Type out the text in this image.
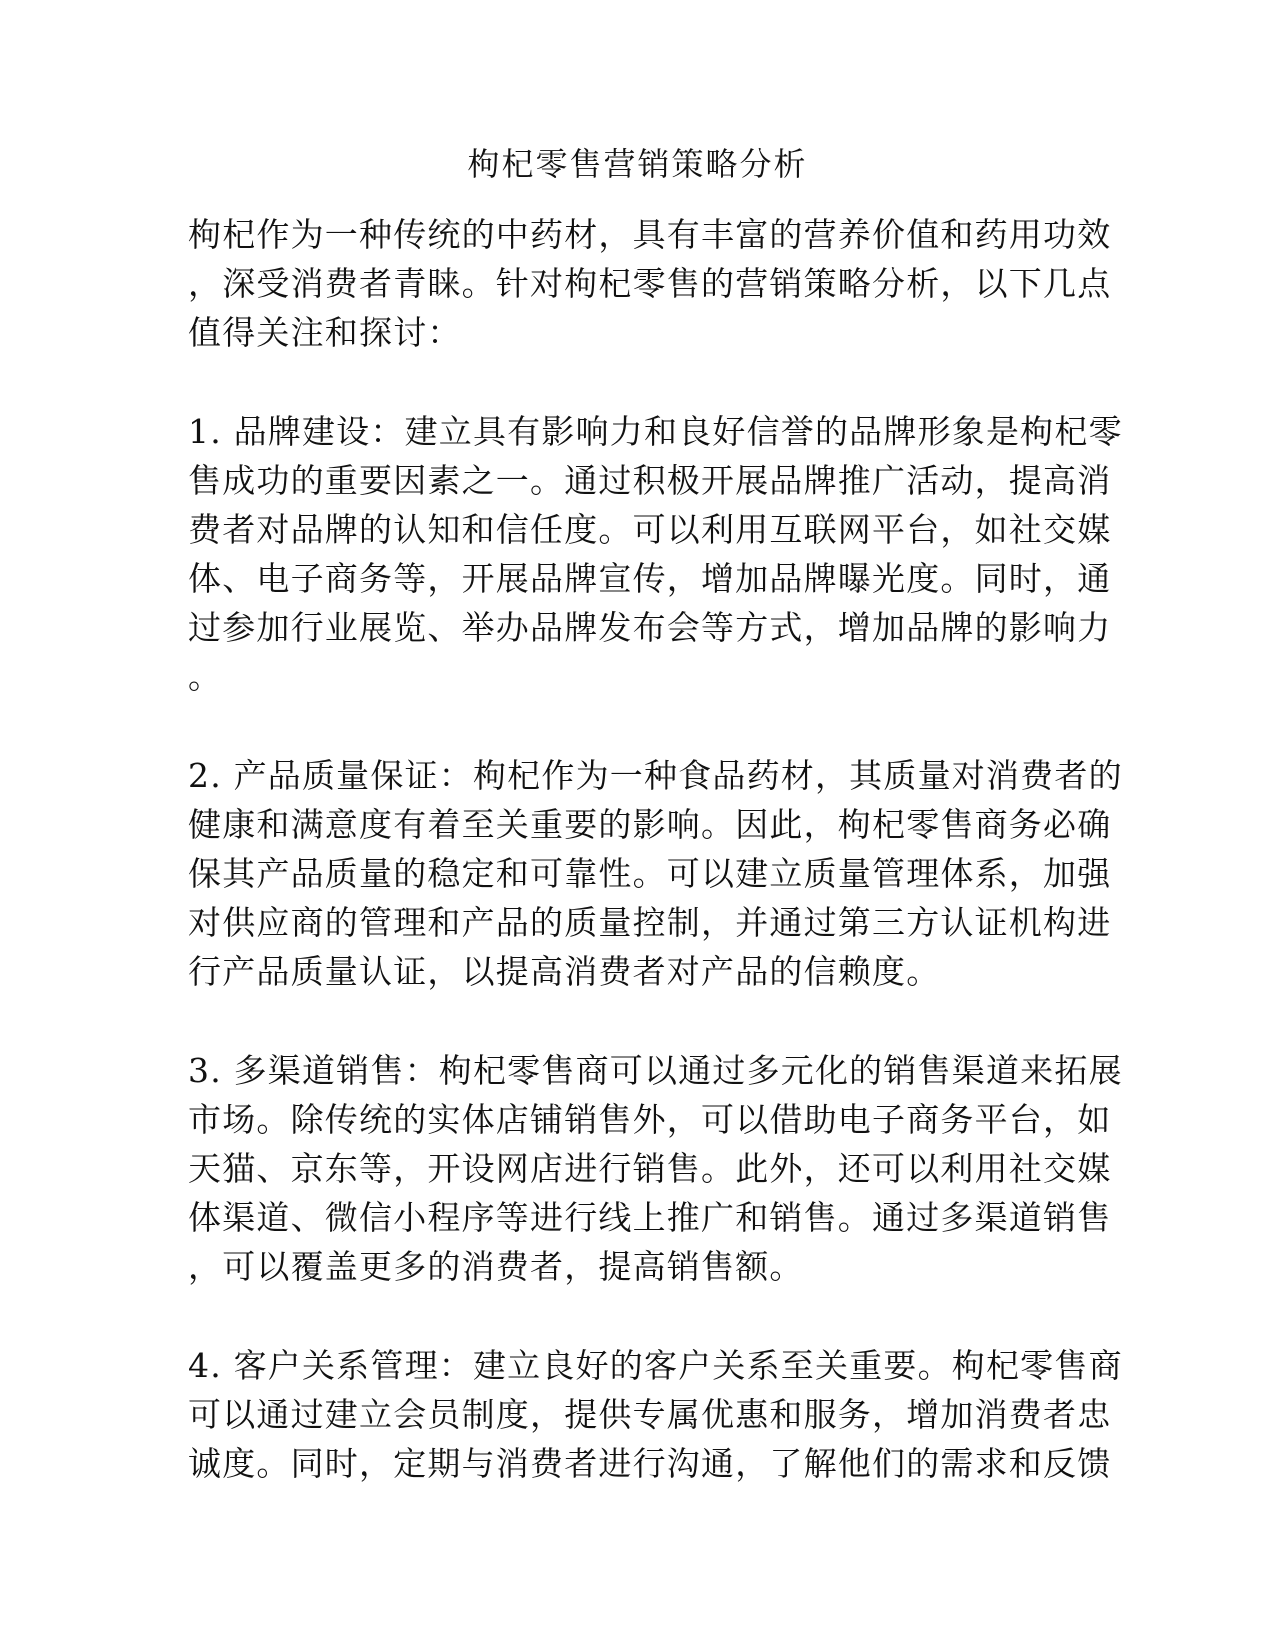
枸杞零售营销策略分析

枸杞作为一种传统的中药材，具有丰富的营养价值和药用功效
，深受消费者青睐。针对枸杞零售的营销策略分析，以下几点
值得关注和探讨：

1. 品牌建设：建立具有影响力和良好信誉的品牌形象是枸杞零
售成功的重要因素之一。通过积极开展品牌推广活动，提高消
费者对品牌的认知和信任度。可以利用互联网平台，如社交媒
体、电子商务等，开展品牌宣传，增加品牌曝光度。同时，通
过参加行业展览、举办品牌发布会等方式，增加品牌的影响力
。

2. 产品质量保证：枸杞作为一种食品药材，其质量对消费者的
健康和满意度有着至关重要的影响。因此，枸杞零售商务必确
保其产品质量的稳定和可靠性。可以建立质量管理体系，加强
对供应商的管理和产品的质量控制，并通过第三方认证机构进
行产品质量认证，以提高消费者对产品的信赖度。

3. 多渠道销售：枸杞零售商可以通过多元化的销售渠道来拓展
市场。除传统的实体店铺销售外，可以借助电子商务平台，如
天猫、京东等，开设网店进行销售。此外，还可以利用社交媒
体渠道、微信小程序等进行线上推广和销售。通过多渠道销售
，可以覆盖更多的消费者，提高销售额。

4. 客户关系管理：建立良好的客户关系至关重要。枸杞零售商
可以通过建立会员制度，提供专属优惠和服务，增加消费者忠
诚度。同时，定期与消费者进行沟通，了解他们的需求和反馈
